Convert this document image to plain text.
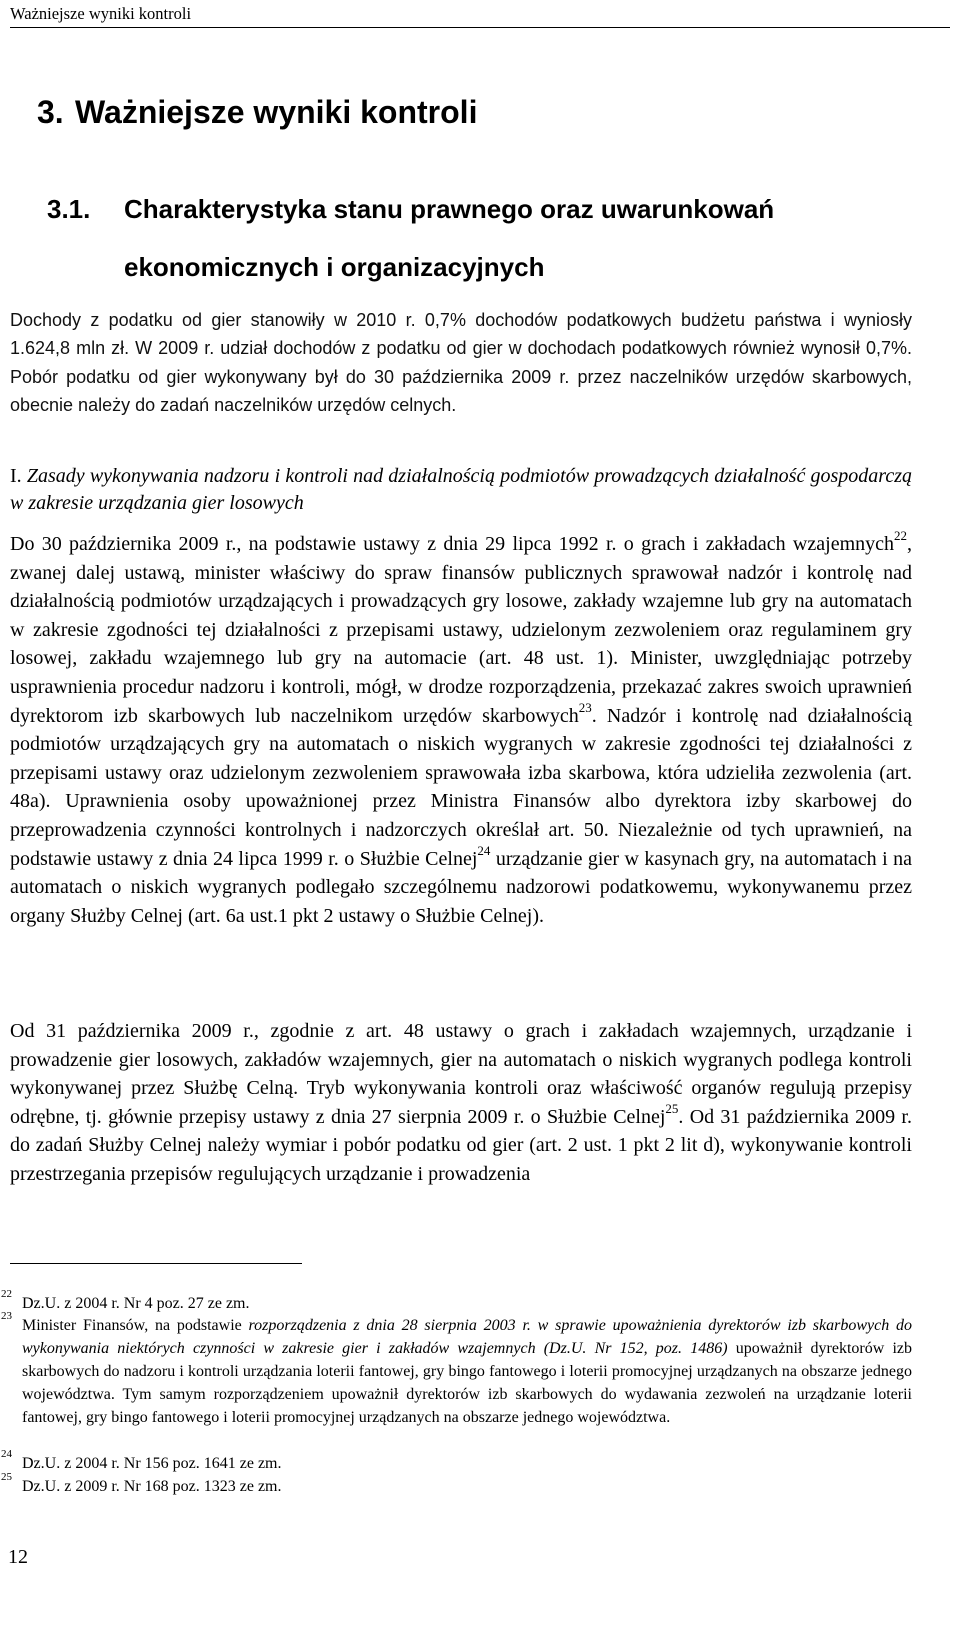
Ważniejsze wyniki kontroli
3. Ważniejsze wyniki kontroli
3.1. Charakterystyka stanu prawnego oraz uwarunkowań ekonomicznych i organizacyjnych
Dochody z podatku od gier stanowiły w 2010 r. 0,7% dochodów podatkowych budżetu państwa i wyniosły 1.624,8 mln zł. W 2009 r. udział dochodów z podatku od gier w dochodach podatkowych również wynosił 0,7%. Pobór podatku od gier wykonywany był do 30 października 2009 r. przez naczelników urzędów skarbowych, obecnie należy do zadań naczelników urzędów celnych.
I. Zasady wykonywania nadzoru i kontroli nad działalnością podmiotów prowadzących działalność gospodarczą w zakresie urządzania gier losowych
Do 30 października 2009 r., na podstawie ustawy z dnia 29 lipca 1992 r. o grach i zakładach wzajemnych$^{22}$, zwanej dalej ustawą, minister właściwy do spraw finansów publicznych sprawował nadzór i kontrolę nad działalnością podmiotów urządzających i prowadzących gry losowe, zakłady wzajemne lub gry na automatach w zakresie zgodności tej działalności z przepisami ustawy, udzielonym zezwoleniem oraz regulaminem gry losowej, zakładu wzajemnego lub gry na automacie (art. 48 ust. 1). Minister, uwzględniając potrzeby usprawnienia procedur nadzoru i kontroli, mógł, w drodze rozporządzenia, przekazać zakres swoich uprawnień dyrektorom izb skarbowych lub naczelnikom urzędów skarbowych$^{23}$. Nadzór i kontrolę nad działalnością podmiotów urządzających gry na automatach o niskich wygranych w zakresie zgodności tej działalności z przepisami ustawy oraz udzielonym zezwoleniem sprawowała izba skarbowa, która udzieliła zezwolenia (art. 48a). Uprawnienia osoby upoważnionej przez Ministra Finansów albo dyrektora izby skarbowej do przeprowadzenia czynności kontrolnych i nadzorczych określał art. 50. Niezależnie od tych uprawnień, na podstawie ustawy z dnia 24 lipca 1999 r. o Służbie Celnej$^{24}$ urządzanie gier w kasynach gry, na automatach i na automatach o niskich wygranych podlegało szczególnemu nadzorowi podatkowemu, wykonywanemu przez organy Służby Celnej (art. 6a ust.1 pkt 2 ustawy o Służbie Celnej).
Od 31 października 2009 r., zgodnie z art. 48 ustawy o grach i zakładach wzajemnych, urządzanie i prowadzenie gier losowych, zakładów wzajemnych, gier na automatach o niskich wygranych podlega kontroli wykonywanej przez Służbę Celną. Tryb wykonywania kontroli oraz właściwość organów regulują przepisy odrębne, tj. głównie przepisy ustawy z dnia 27 sierpnia 2009 r. o Służbie Celnej$^{25}$. Od 31 października 2009 r. do zadań Służby Celnej należy wymiar i pobór podatku od gier (art. 2 ust. 1 pkt 2 lit d), wykonywanie kontroli przestrzegania przepisów regulujących urządzanie i prowadzenia
22
Dz.U. z 2004 r. Nr 4 poz. 27 ze zm.
23
Minister Finansów, na podstawie rozporządzenia z dnia 28 sierpnia 2003 r. w sprawie upoważnienia dyrektorów izb skarbowych do wykonywania niektórych czynności w zakresie gier i zakładów wzajemnych (Dz.U. Nr 152, poz. 1486) upoważnił dyrektorów izb skarbowych do nadzoru i kontroli urządzania loterii fantowej, gry bingo fantowego i loterii promocyjnej urządzanych na obszarze jednego województwa. Tym samym rozporządzeniem upoważnił dyrektorów izb skarbowych do wydawania zezwoleń na urządzanie loterii fantowej, gry bingo fantowego i loterii promocyjnej urządzanych na obszarze jednego województwa.
24
Dz.U. z 2004 r. Nr 156 poz. 1641 ze zm.
25
Dz.U. z 2009 r. Nr 168 poz. 1323 ze zm.
12
